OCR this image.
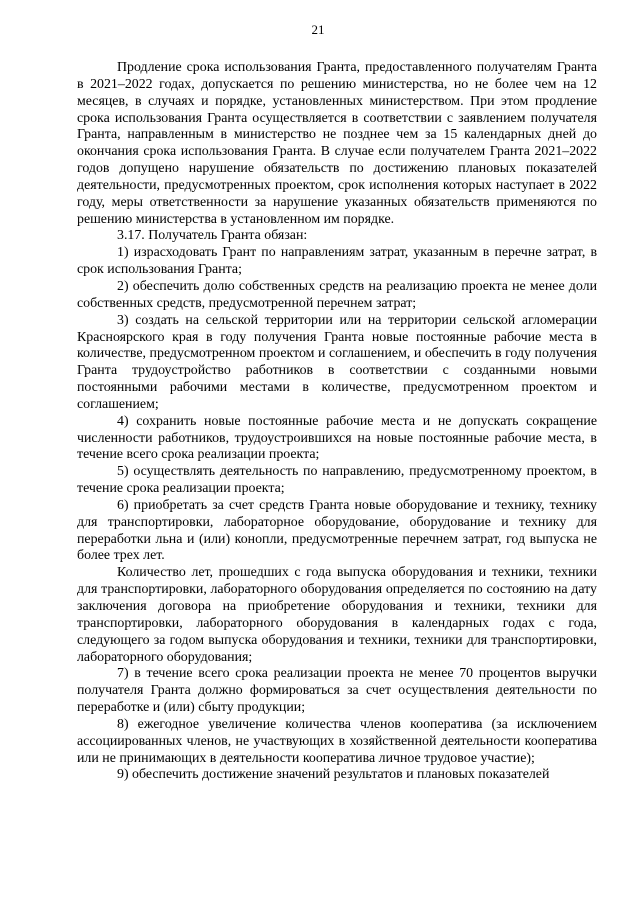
21

Продление срока использования Гранта, предоставленного получателям Гранта в 2021–2022 годах, допускается по решению министерства, но не более чем на 12 месяцев, в случаях и порядке, установленных министерством. При этом продление срока использования Гранта осуществляется в соответствии с заявлением получателя Гранта, направленным в министерство не позднее чем за 15 календарных дней до окончания срока использования Гранта. В случае если получателем Гранта 2021–2022 годов допущено нарушение обязательств по достижению плановых показателей деятельности, предусмотренных проектом, срок исполнения которых наступает в 2022 году, меры ответственности за нарушение указанных обязательств применяются по решению министерства в установленном им порядке.

3.17. Получатель Гранта обязан:

1) израсходовать Грант по направлениям затрат, указанным в перечне затрат, в срок использования Гранта;

2) обеспечить долю собственных средств на реализацию проекта не менее доли собственных средств, предусмотренной перечнем затрат;

3) создать на сельской территории или на территории сельской агломерации Красноярского края в году получения Гранта новые постоянные рабочие места в количестве, предусмотренном проектом и соглашением, и обеспечить в году получения Гранта трудоустройство работников в соответствии с созданными новыми постоянными рабочими местами в количестве, предусмотренном проектом и соглашением;

4) сохранить новые постоянные рабочие места и не допускать сокращение численности работников, трудоустроившихся на новые постоянные рабочие места, в течение всего срока реализации проекта;

5) осуществлять деятельность по направлению, предусмотренному проектом, в течение срока реализации проекта;

6) приобретать за счет средств Гранта новые оборудование и технику, технику для транспортировки, лабораторное оборудование, оборудование и технику для переработки льна и (или) конопли, предусмотренные перечнем затрат, год выпуска не более трех лет.

Количество лет, прошедших с года выпуска оборудования и техники, техники для транспортировки, лабораторного оборудования определяется по состоянию на дату заключения договора на приобретение оборудования и техники, техники для транспортировки, лабораторного оборудования в календарных годах с года, следующего за годом выпуска оборудования и техники, техники для транспортировки, лабораторного оборудования;

7) в течение всего срока реализации проекта не менее 70 процентов выручки получателя Гранта должно формироваться за счет осуществления деятельности по переработке и (или) сбыту продукции;

8) ежегодное увеличение количества членов кооператива (за исключением ассоциированных членов, не участвующих в хозяйственной деятельности кооператива или не принимающих в деятельности кооператива личное трудовое участие);

9) обеспечить достижение значений результатов и плановых показателей
